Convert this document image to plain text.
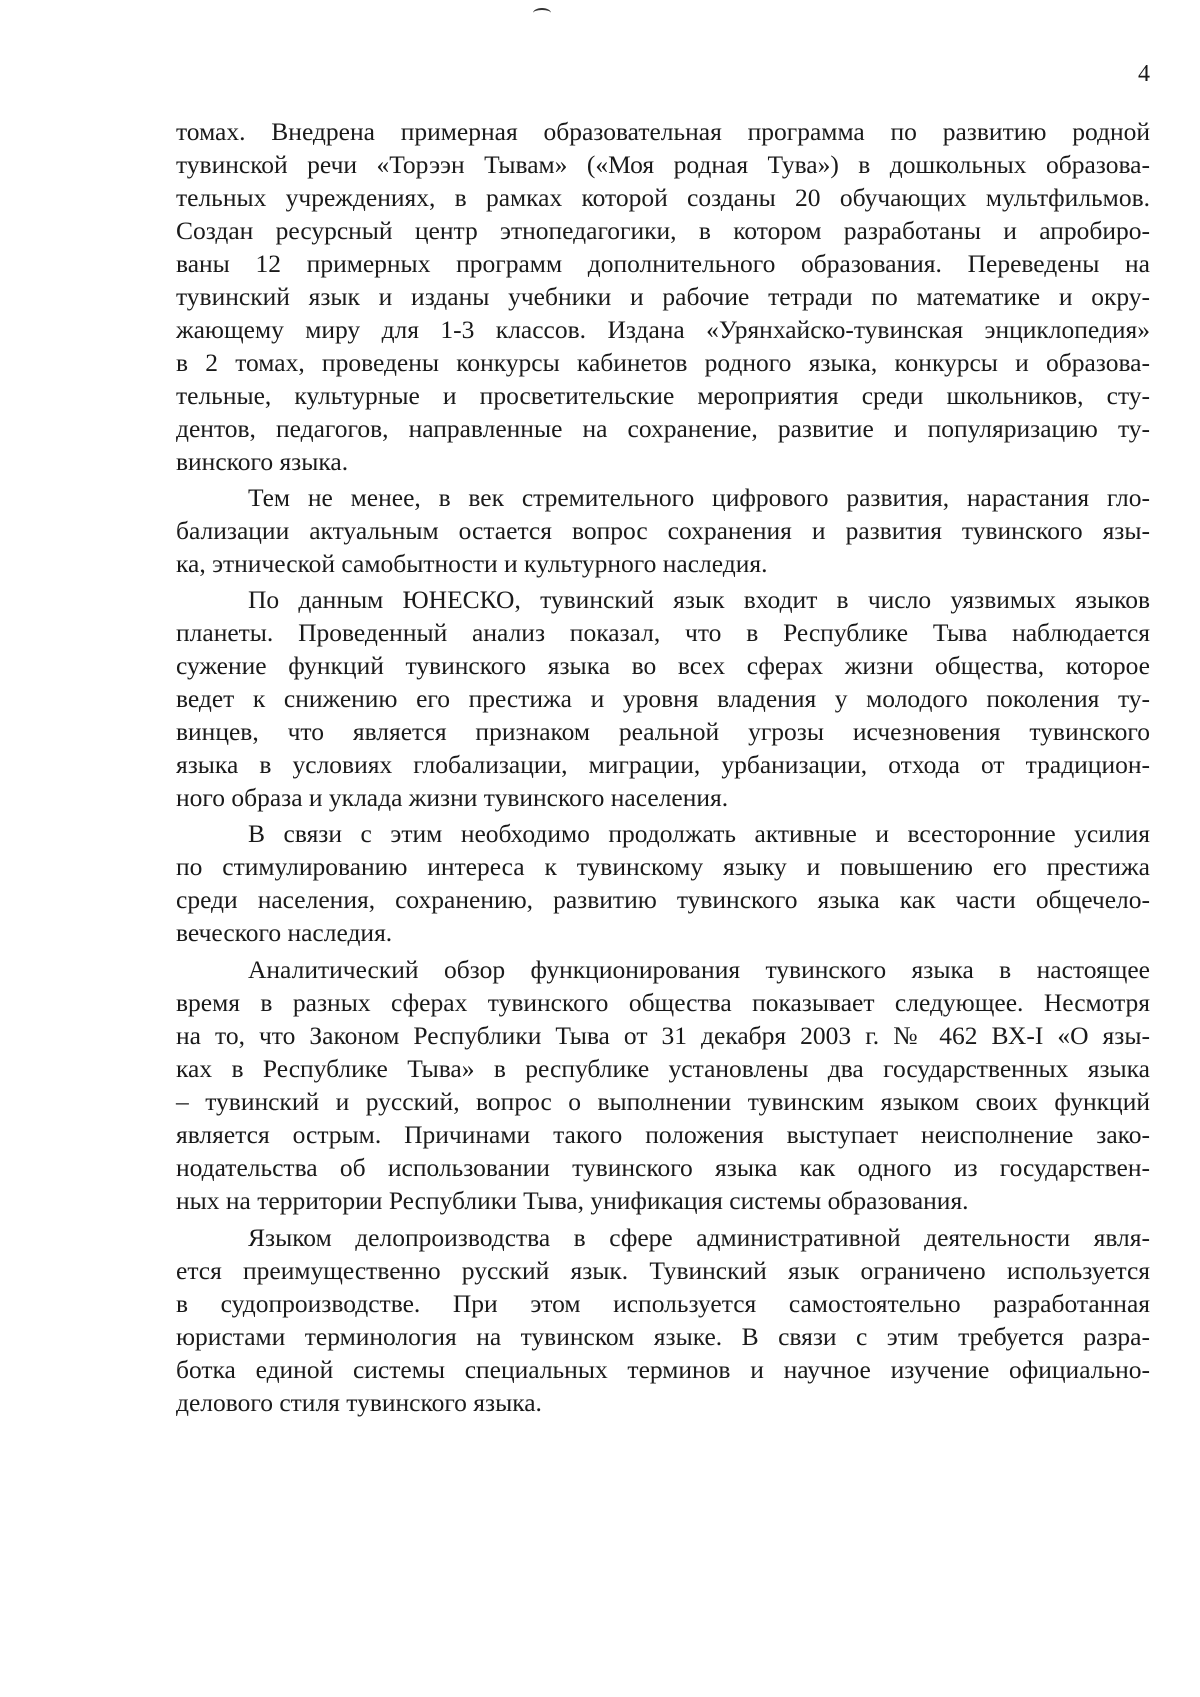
4
томах. Внедрена примерная образовательная программа по развитию родной
тувинской речи «Торээн Тывам» («Моя родная Тува») в дошкольных образова-
тельных учреждениях, в рамках которой созданы 20 обучающих мультфильмов.
Создан ресурсный центр этнопедагогики, в котором разработаны и апробиро-
ваны 12 примерных программ дополнительного образования. Переведены на
тувинский язык и изданы учебники и рабочие тетради по математике и окру-
жающему миру для 1-3 классов. Издана «Урянхайско-тувинская энциклопедия»
в 2 томах, проведены конкурсы кабинетов родного языка, конкурсы и образова-
тельные, культурные и просветительские мероприятия среди школьников, сту-
дентов, педагогов, направленные на сохранение, развитие и популяризацию ту-
винского языка.
Тем не менее, в век стремительного цифрового развития, нарастания гло-
бализации актуальным остается вопрос сохранения и развития тувинского язы-
ка, этнической самобытности и культурного наследия.
По данным ЮНЕСКО, тувинский язык входит в число уязвимых языков
планеты. Проведенный анализ показал, что в Республике Тыва наблюдается
сужение функций тувинского языка во всех сферах жизни общества, которое
ведет к снижению его престижа и уровня владения у молодого поколения ту-
винцев, что является признаком реальной угрозы исчезновения тувинского
языка в условиях глобализации, миграции, урбанизации, отхода от традицион-
ного образа и уклада жизни тувинского населения.
В связи с этим необходимо продолжать активные и всесторонние усилия
по стимулированию интереса к тувинскому языку и повышению его престижа
среди населения, сохранению, развитию тувинского языка как части общечело-
веческого наследия.
Аналитический обзор функционирования тувинского языка в настоящее
время в разных сферах тувинского общества показывает следующее. Несмотря
на то, что Законом Республики Тыва от 31 декабря 2003 г. № 462 ВХ-I «О язы-
ках в Республике Тыва» в республике установлены два государственных языка
– тувинский и русский, вопрос о выполнении тувинским языком своих функций
является острым. Причинами такого положения выступает неисполнение зако-
нодательства об использовании тувинского языка как одного из государствен-
ных на территории Республики Тыва, унификация системы образования.
Языком делопроизводства в сфере административной деятельности явля-
ется преимущественно русский язык. Тувинский язык ограничено используется
в судопроизводстве. При этом используется самостоятельно разработанная
юристами терминология на тувинском языке. В связи с этим требуется разра-
ботка единой системы специальных терминов и научное изучение официально-
делового стиля тувинского языка.
